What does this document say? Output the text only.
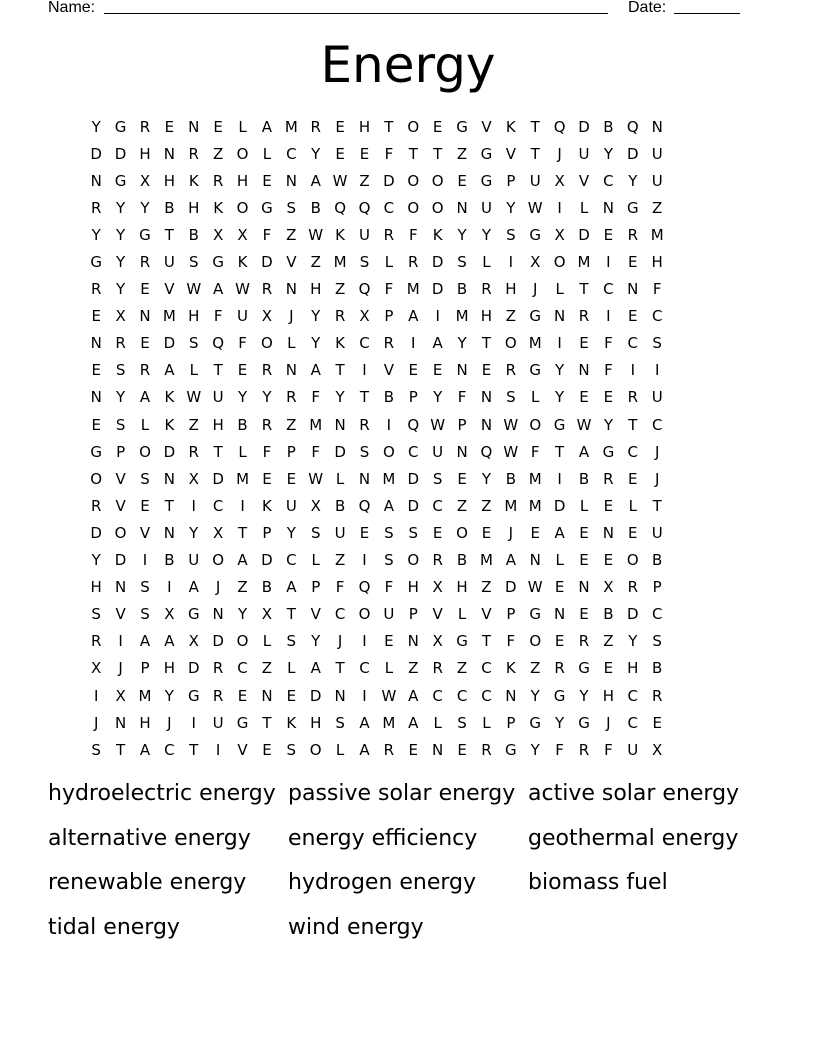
Name:	Date:
Energy
Y G R E N E	L	A M R E H T O E G V K T Q D B Q N
D D H N R Z O L C Y	E E	F	T	T Z G V T	J	U Y D U
N G X H K R H E N A W Z D O O E G P U X V C Y U
R Y	Y B H K O G S B Q Q C O O N U Y W I	L N G Z
Y	Y G T B X X F Z W K U R F	K Y	Y	S G X D E R M
G Y R U S G K D V Z M S	L R D S	L	I	X O M	I	E H
R Y	E V W A W R N H Z Q F M D B R H	J	L	T C N F
E X N M H F U X	J	Y R X P A	I	M H Z G N R	I	E C
N R E D S Q F O L	Y K C R	I	A Y	T O M	I	E	F C S
E S R A	L	T	E R N A T	I	V E E N E R G Y N F	I	I
N Y A K W U Y	Y R F	Y	T B P	Y	F N S	L	Y	E E R U
E S	L	K Z H B R Z M N R	I	Q W P N W O G W Y	T C
G P O D R T	L	F	P	F D S O C U N Q W F	T A G C	J
O V S N X D M E E W L N M D S E	Y B M	I	B R E	J
R V E	T	I	C	I	K U X B Q A D C Z Z M M D L	E	L	T
D O V N Y X T	P	Y	S U E S S E O E	J	E A E N E U
Y D	I	B U O A D C L	Z	I	S O R B M A N L	E E O B
H N S	I	A	J	Z B A P	F Q F H X H Z D W E N X R P
S V S X G N Y X T V C O U P V	L	V P G N E B D C
R	I	A A X D O L	S	Y	J	I	E N X G T	F O E R Z Y	S
X	J	P H D R C Z	L	A T C L	Z R Z C K Z R G E H B
I	X M Y G R E N E D N	I W A C C C N Y G Y H C R
J	N H	J	I	U G T K H S A M A	L	S	L	P G Y G	J	C E
S	T A C T	I	V E S O L	A R E N E R G Y	F R F U X
hydroelectric energy passive solar energy active solar energy
alternative energy	energy efficiency	geothermal energy
renewable energy	hydrogen energy	biomass fuel
tidal energy	wind energy
